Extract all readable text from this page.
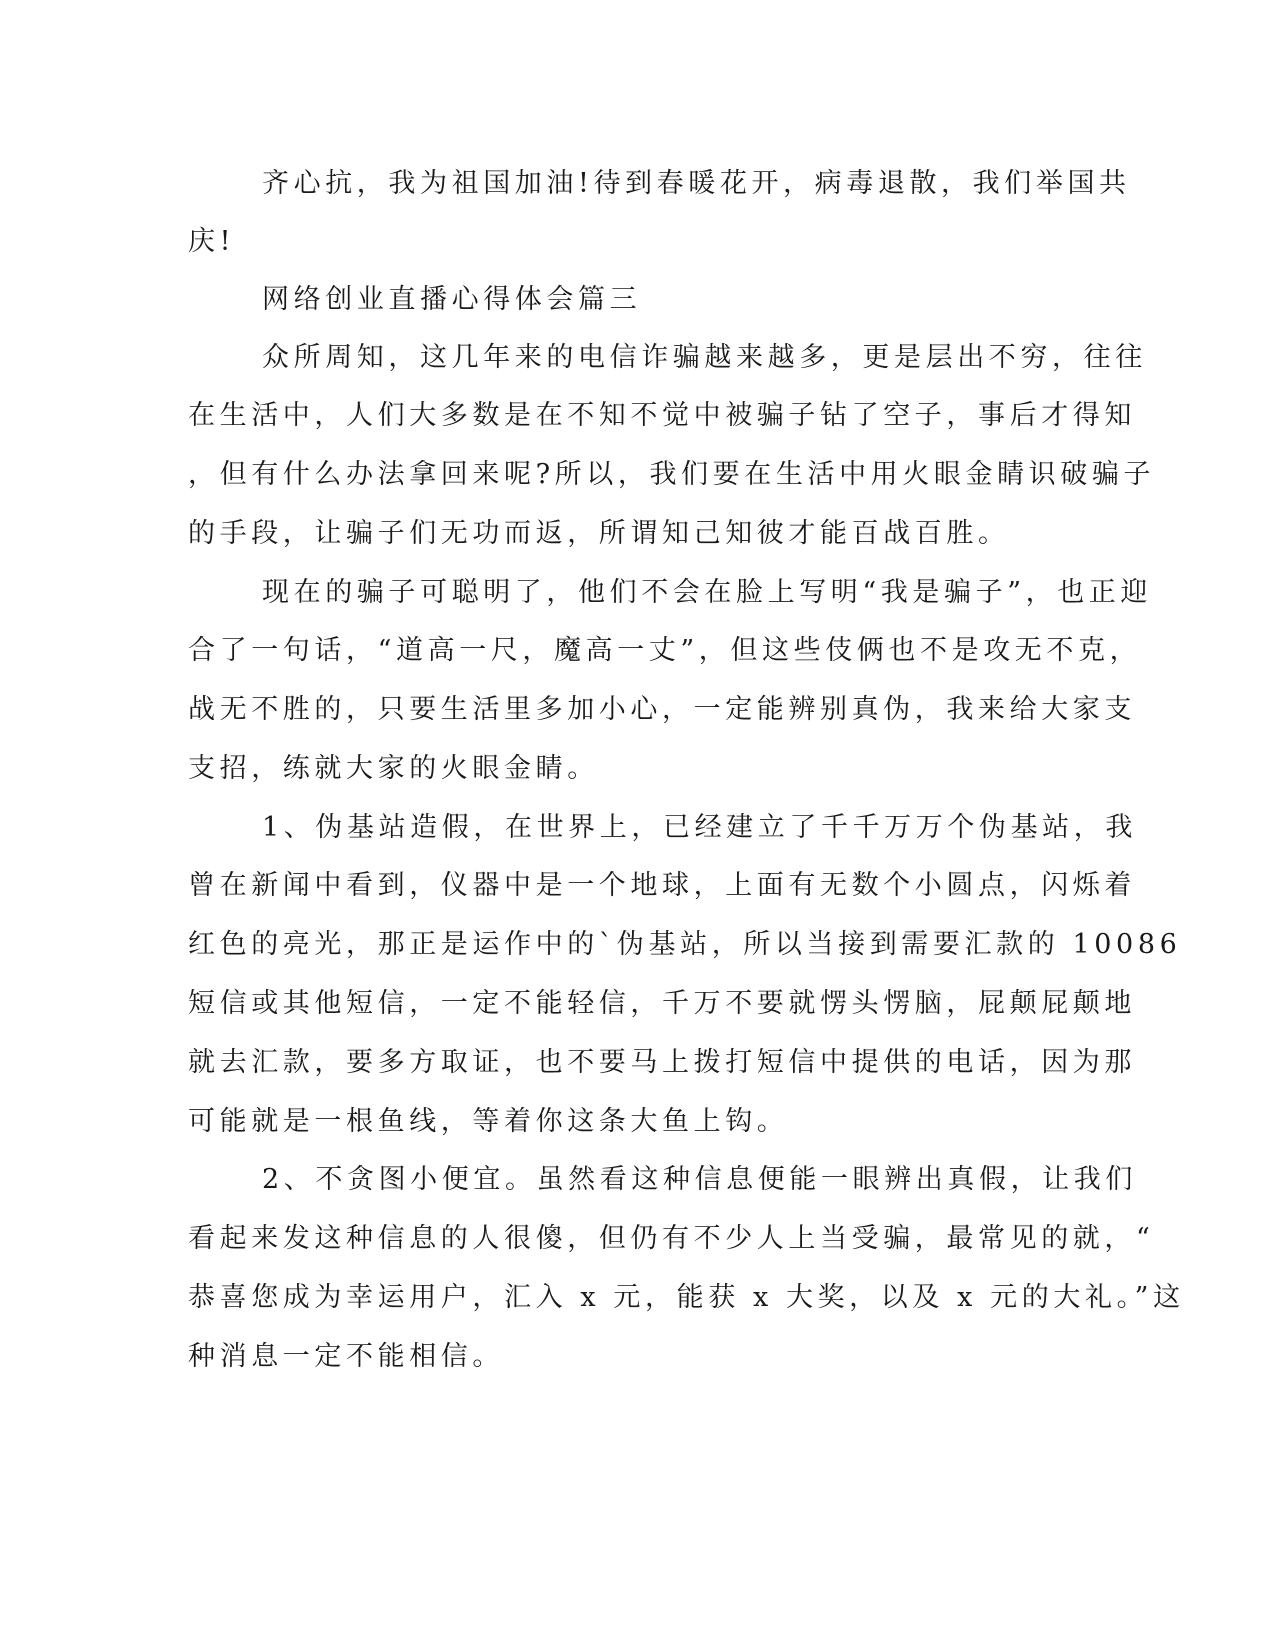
齐心抗，我为祖国加油!待到春暖花开，病毒退散，我们举国共
庆!
网络创业直播心得体会篇三
众所周知，这几年来的电信诈骗越来越多，更是层出不穷，往往
在生活中，人们大多数是在不知不觉中被骗子钻了空子，事后才得知
，但有什么办法拿回来呢?所以，我们要在生活中用火眼金睛识破骗子
的手段，让骗子们无功而返，所谓知己知彼才能百战百胜。
现在的骗子可聪明了，他们不会在脸上写明“我是骗子”，也正迎
合了一句话，“道高一尺，魔高一丈”，但这些伎俩也不是攻无不克，
战无不胜的，只要生活里多加小心，一定能辨别真伪，我来给大家支
支招，练就大家的火眼金睛。
1、伪基站造假，在世界上，已经建立了千千万万个伪基站，我
曾在新闻中看到，仪器中是一个地球，上面有无数个小圆点，闪烁着
红色的亮光，那正是运作中的`伪基站，所以当接到需要汇款的 10086
短信或其他短信，一定不能轻信，千万不要就愣头愣脑，屁颠屁颠地
就去汇款，要多方取证，也不要马上拨打短信中提供的电话，因为那
可能就是一根鱼线，等着你这条大鱼上钩。
2、不贪图小便宜。虽然看这种信息便能一眼辨出真假，让我们
看起来发这种信息的人很傻，但仍有不少人上当受骗，最常见的就，“
恭喜您成为幸运用户，汇入 x 元，能获 x 大奖，以及 x 元的大礼。”这
种消息一定不能相信。
